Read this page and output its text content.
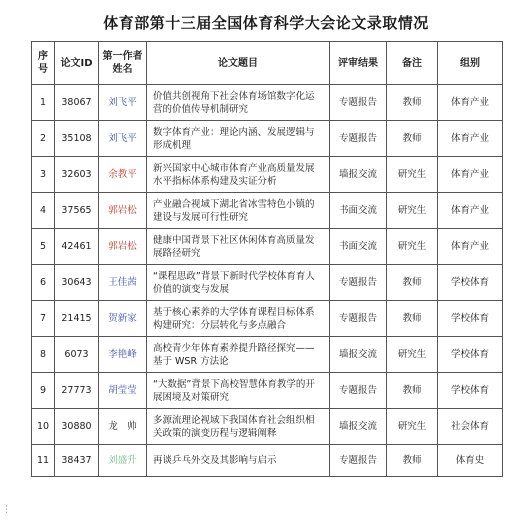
体育部第十三届全国体育科学大会论文录取情况
序号	论文ID	第一作者姓名	论文题目	评审结果	备注	组别
1	38067	刘飞平	价值共创视角下社会体育场馆数字化运营的价值传导机制研究	专题报告	教师	体育产业
2	35108	刘飞平	数字体育产业：理论内涵、发展逻辑与形成机理	专题报告	教师	体育产业
3	32603	余教平	新兴国家中心城市体育产业高质量发展水平指标体系构建及实证分析	墙报交流	研究生	体育产业
4	37565	郭岩松	产业融合视域下湖北省冰雪特色小镇的建设与发展可行性研究	书面交流	研究生	体育产业
5	42461	郭岩松	健康中国背景下社区休闲体育高质量发展路径研究	书面交流	研究生	体育产业
6	30643	王佳茜	“课程思政”背景下新时代学校体育育人价值的演变与发展	专题报告	教师	学校体育
7	21415	贺新家	基于核心素养的大学体育课程目标体系构建研究：分层转化与多点融合	专题报告	教师	学校体育
8	6073	李艳峰	高校青少年体育素养提升路径探究——基于 WSR 方法论	墙报交流	研究生	学校体育
9	27773	胡莹莹	“大数据”背景下高校智慧体育教学的开展困境及对策研究	专题报告	教师	学校体育
10	30880	龙　帅	多源流理论视域下我国体育社会组织相关政策的演变历程与逻辑阐释	墙报交流	研究生	社会体育
11	38437	刘盛升	再谈乒乓外交及其影响与启示	专题报告	教师	体育史
⋮
